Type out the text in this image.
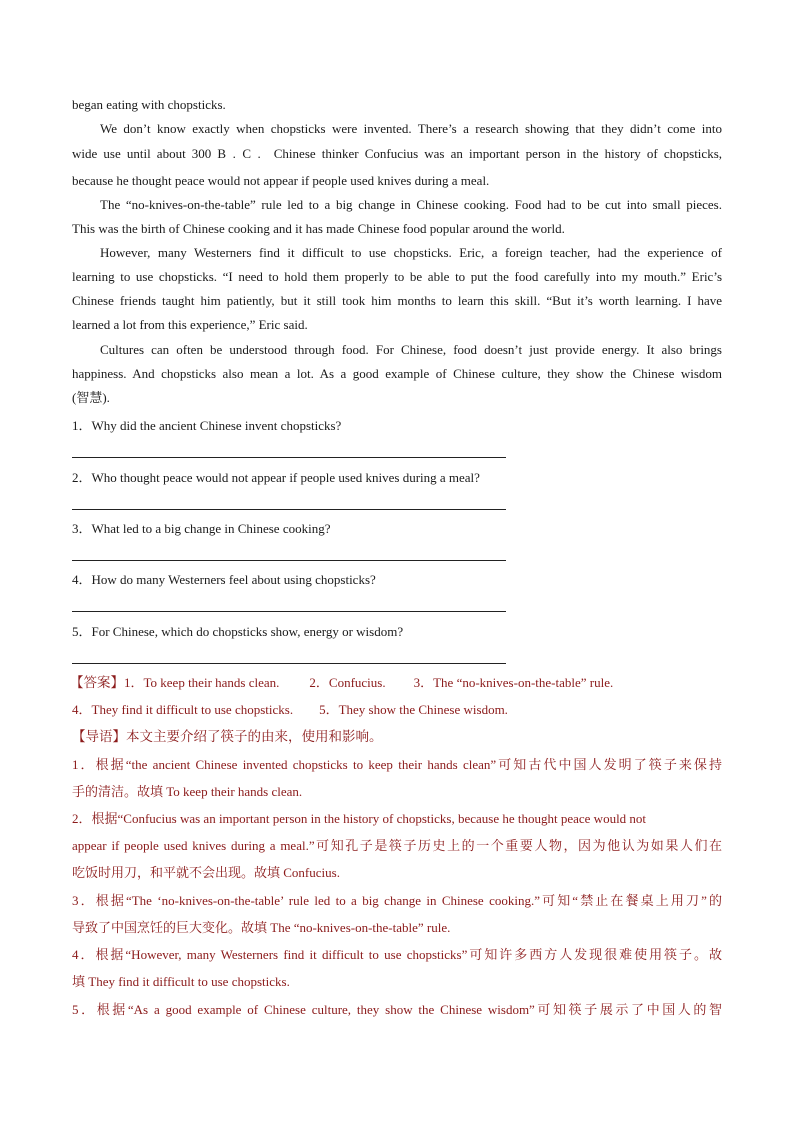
began eating with chopsticks.
We don’t know exactly when chopsticks were invented. There’s a research showing that they didn’t come into
wide use until about 300 B . C .  Chinese thinker Confucius was an important person in the history of chopsticks,
because he thought peace would not appear if people used knives during a meal.
The “no-knives-on-the-table” rule led to a big change in Chinese cooking. Food had to be cut into small pieces.
This was the birth of Chinese cooking and it has made Chinese food popular around the world.
However, many Westerners find it difficult to use chopsticks. Eric, a foreign teacher, had the experience of
learning to use chopsticks. “I need to hold them properly to be able to put the food carefully into my mouth.” Eric’s
Chinese friends taught him patiently, but it still took him months to learn this skill. “But it’s worth learning. I have
learned a lot from this experience,” Eric said.
Cultures can often be understood through food. For Chinese, food doesn’t just provide energy. It also brings
happiness. And chopsticks also mean a lot. As a good example of Chinese culture, they show the Chinese wisdom
(智慧).
1．Why did the ancient Chinese invent chopsticks?
2．Who thought peace would not appear if people used knives during a meal?
3．What led to a big change in Chinese cooking?
4．How do many Westerners feel about using chopsticks?
5．For Chinese, which do chopsticks show, energy or wisdom?
【答案】1．To keep their hands clean. 2．Confucius. 3．The “no-knives-on-the-table” rule.
4．They find it difficult to use chopsticks. 5．They show the Chinese wisdom.
【导语】本文主要介绍了筷子的由来，使用和影响。
1．根据“the ancient Chinese invented chopsticks to keep their hands clean”可知古代中国人发明了筷子来保持
手的清洁。故填 To keep their hands clean.
2．根据“Confucius was an important person in the history of chopsticks, because he thought peace would not
appear if people used knives during a meal.”可知孔子是筷子历史上的一个重要人物，因为他认为如果人们在
吃饭时用刀，和平就不会出现。故填 Confucius.
3．根据“The ‘no-knives-on-the-table’ rule led to a big change in Chinese cooking.”可知“禁止在餐桌上用刀”的
导致了中国烹饪的巨大变化。故填 The “no-knives-on-the-table” rule.
4．根据“However, many Westerners find it difficult to use chopsticks”可知许多西方人发现很难使用筷子。故
填 They find it difficult to use chopsticks.
5．根据“As a good example of Chinese culture, they show the Chinese wisdom”可知筷子展示了中国人的智
